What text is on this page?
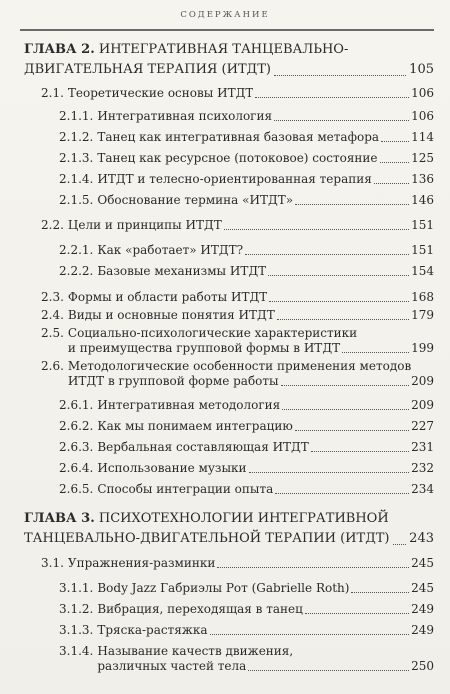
СОДЕРЖАНИЕ
ГЛАВА 2. ИНТЕГРАТИВНАЯ ТАНЦЕВАЛЬНО-
ДВИГАТЕЛЬНАЯ ТЕРАПИЯ (ИТДТ)	105
2.1. Теоретические основы ИТДТ	106
2.1.1. Интегративная психология	106
2.1.2. Танец как интегративная базовая метафора	114
2.1.3. Танец как ресурсное (потоковое) состояние	125
2.1.4. ИТДТ и телесно-ориентированная терапия	136
2.1.5. Обоснование термина «ИТДТ»	146
2.2. Цели и принципы ИТДТ	151
2.2.1. Как «работает» ИТДТ?	151
2.2.2. Базовые механизмы ИТДТ	154
2.3. Формы и области работы ИТДТ	168
2.4. Виды и основные понятия ИТДТ	179
2.5. Социально-психологические характеристики
и преимущества групповой формы в ИТДТ	199
2.6. Методологические особенности применения методов
ИТДТ в групповой форме работы	209
2.6.1. Интегративная методология	209
2.6.2. Как мы понимаем интеграцию	227
2.6.3. Вербальная составляющая ИТДТ	231
2.6.4. Использование музыки	232
2.6.5. Способы интеграции опыта	234
ГЛАВА 3. ПСИХОТЕХНОЛОГИИ ИНТЕГРАТИВНОЙ
ТАНЦЕВАЛЬНО-ДВИГАТЕЛЬНОЙ ТЕРАПИИ (ИТДТ) 243
3.1. Упражнения-разминки	245
3.1.1. Body Jazz Габриэлы Рот (Gabrielle Roth)	245
3.1.2. Вибрация, переходящая в танец	249
3.1.3. Тряска-растяжка	249
3.1.4. Называние качеств движения,
различных частей тела	250
